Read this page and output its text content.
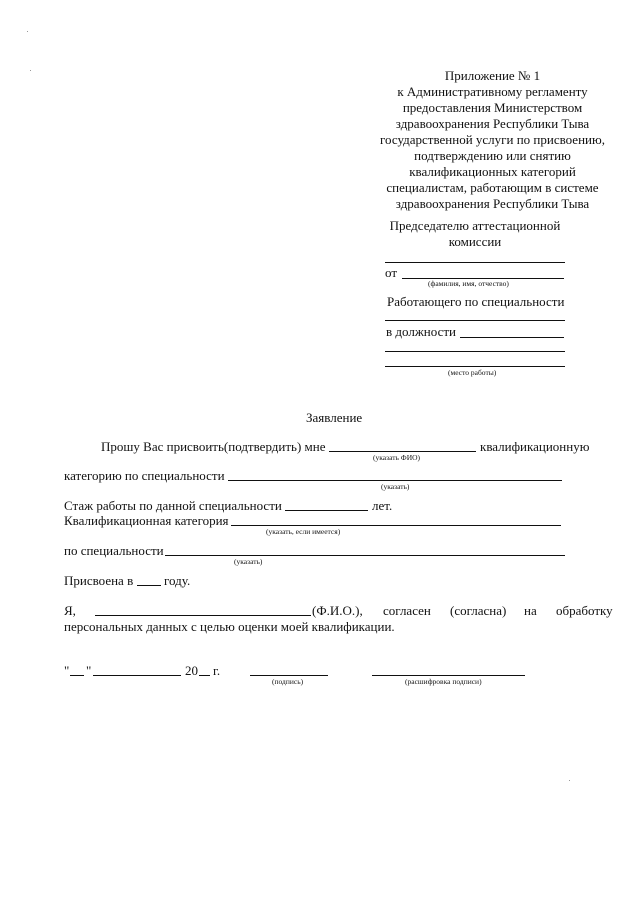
Приложение № 1
к Административному регламенту
предоставления Министерством
здравоохранения Республики Тыва
государственной услуги по присвоению,
подтверждению или снятию
квалификационных категорий
специалистам, работающим в системе
здравоохранения Республики Тыва
Председателю аттестационной
комиссии
от
(фамилия, имя, отчество)
Работающего по специальности
в должности
(место работы)
Заявление
Прошу Вас присвоить(подтвердить) мне
(указать ФИО)
квалификационную
категорию по специальности
(указать)
Стаж работы по данной специальности	лет.
Квалификационная категория
(указать, если имеется)
по специальности
(указать)
Присвоена в году.
Я,	(Ф.И.О.), согласен (согласна) на обработку
персональных данных с целью оценки моей квалификации.
" "	20 г.
(подпись)	(расшифровка подписи)
